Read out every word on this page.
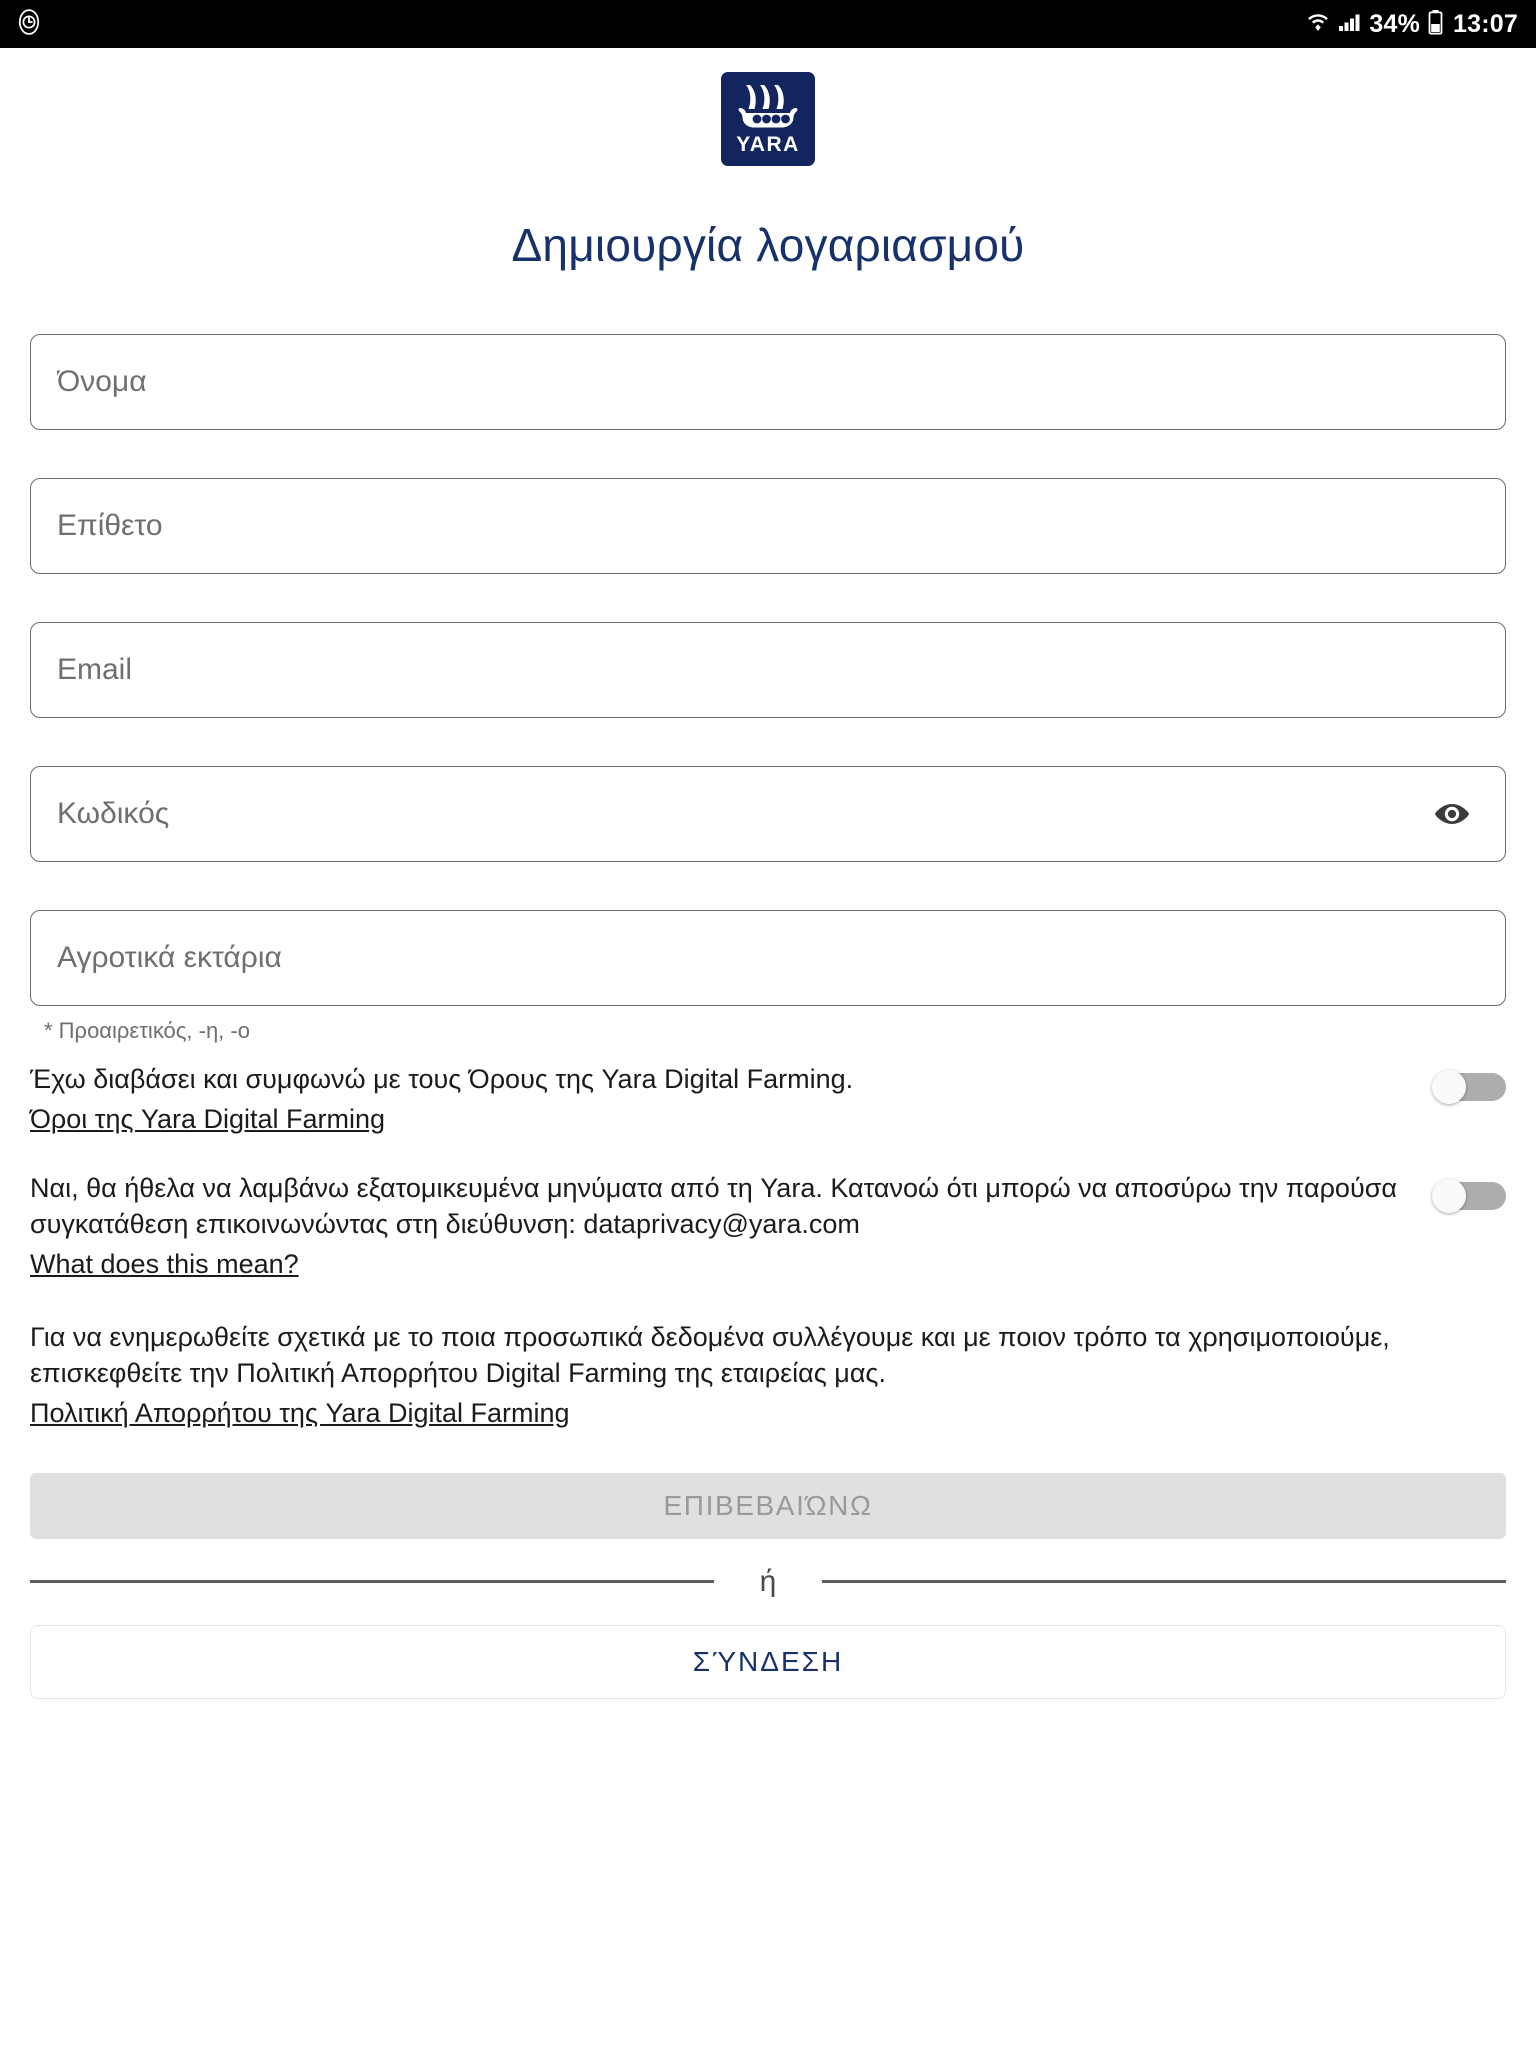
34% 13:07
YARA
Δημιουργία λογαριασμού
Όνομα
Επίθετο
Email
Κωδικός
Αγροτικά εκτάρια
* Προαιρετικός, -η, -ο

Έχω διαβάσει και συμφωνώ με τους Όρους της Yara Digital Farming.

Όροι της Yara Digital Farming

Ναι, θα ήθελα να λαμβάνω εξατομικευμένα μηνύματα από τη Yara. Κατανοώ ότι μπορώ να αποσύρω την παρούσα συγκατάθεση επικοινωνώντας στη διεύθυνση: dataprivacy@yara.com

What does this mean?

Για να ενημερωθείτε σχετικά με το ποια προσωπικά δεδομένα συλλέγουμε και με ποιον τρόπο τα χρησιμοποιούμε, επισκεφθείτε την Πολιτική Απορρήτου Digital Farming της εταιρείας μας.

Πολιτική Απορρήτου της Yara Digital Farming
ΕΠΙΒΕΒΑΙΏΝΩ
ή
ΣΎΝΔΕΣΗ
